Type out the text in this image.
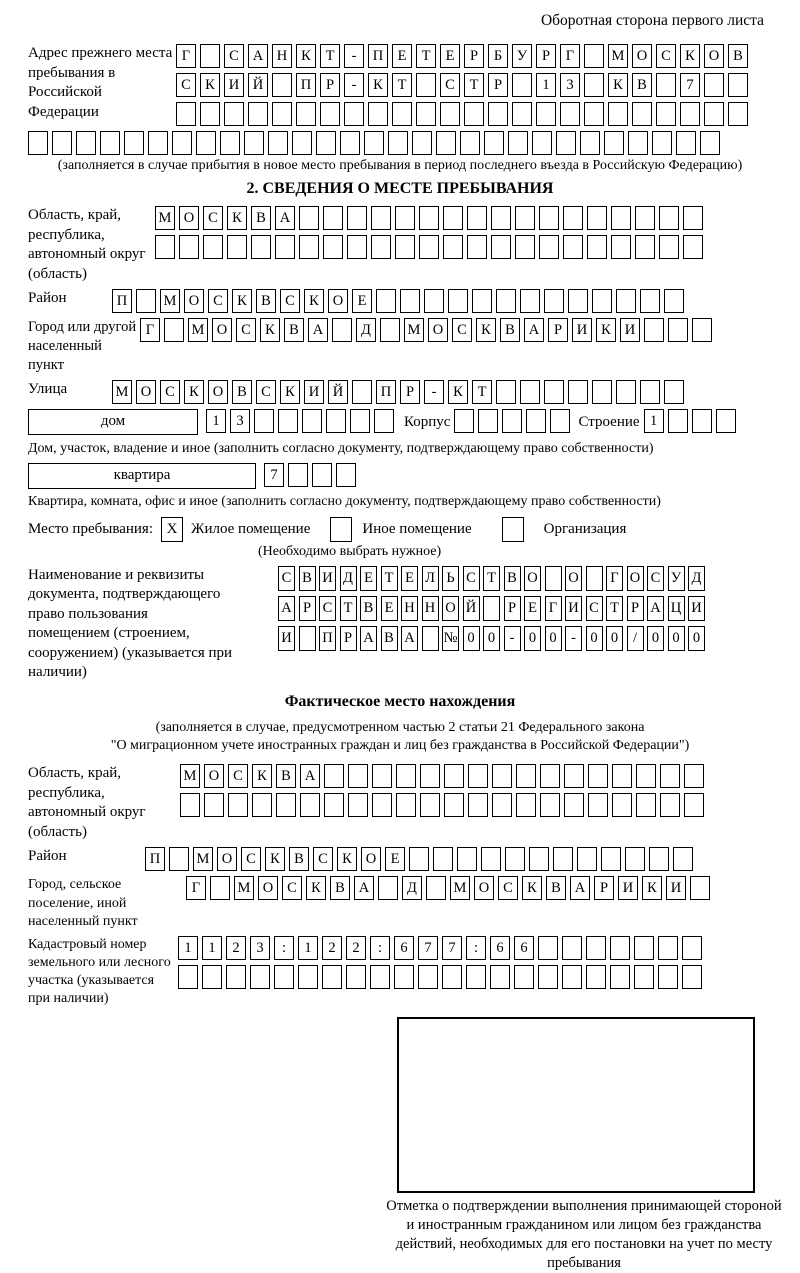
Оборотная сторона первого листа
Адрес прежнего места пребывания в Российской Федерации
Г	С А Н К	Т	-	П Е	Т	Е	Р	Б	У	Р	Г	М О С К О В
С К И Й	П	Р	-	К	Т	С	Т	Р	1	3	К В	7
(заполняется в случае прибытия в новое место пребывания в период последнего въезда в Российскую Федерацию)
2. СВЕДЕНИЯ О МЕСТЕ ПРЕБЫВАНИЯ
Область, край, республика, автономный округ (область)
М О С К В А
Район	П	М О С К В С К О Е
Город или другой населенный пункт
Г	М О С К В А	Д	М О С К В А	Р	И К И
Улица	М О С К О В С К И Й	П	Р	-	К	Т
дом	1	3	Корпус	Строение 1
Дом, участок, владение и иное (заполнить согласно документу, подтверждающему право собственности)
квартира	7
Квартира, комната, офис и иное (заполнить согласно документу, подтверждающему право собственности)
Место пребывания: X Жилое помещение	Иное помещение	Организация
(Необходимо выбрать нужное)
Наименование и реквизиты документа, подтверждающего право пользования помещением (строением, сооружением) (указывается при наличии)
С В И Д Е Т Е Л Ь С Т В О О Г О С У Д
А Р С Т В Е Н Н О Й	Р Е Г И С Т Р А Ц И
И П Р А В А № 0 0 - 0 0 - 0 0	/	0 0 0
Фактическое место нахождения
(заполняется в случае, предусмотренном частью 2 статьи 21 Федерального закона
"О миграционном учете иностранных граждан и лиц без гражданства в Российской Федерации")
Область, край, республика, автономный округ (область)
М О С К В А
Район	П	М О С К В С К О Е
Город, сельское поселение, иной населенный пункт
Г	М О С К В А	Д	М О С К В А	Р	И К И
Кадастровый номер земельного или лесного участка (указывается при наличии)
1	1	2	3	:	1	2	2	:	6	7	7	:	6	6
Отметка о подтверждении выполнения принимающей стороной и иностранным гражданином или лицом без гражданства действий, необходимых для его постановки на учет по месту пребывания
